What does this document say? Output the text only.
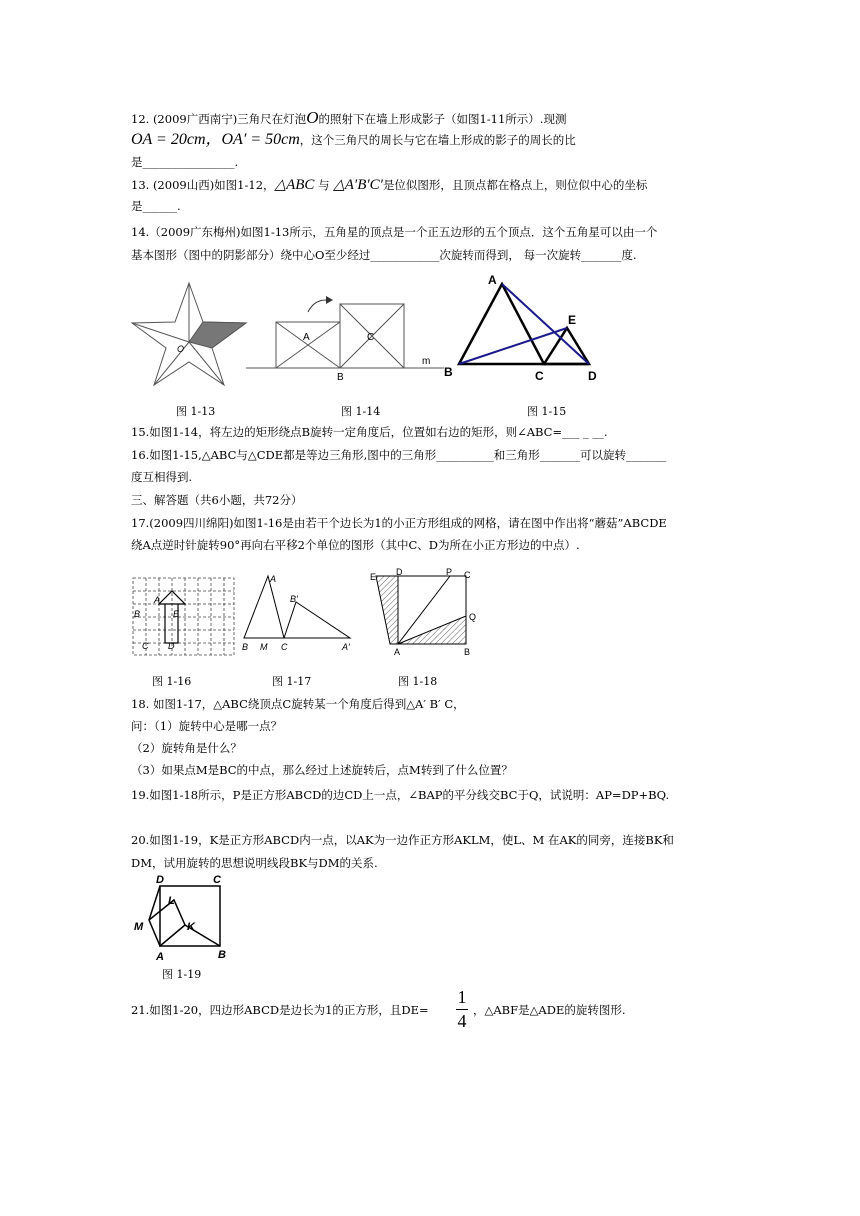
12. (2009广西南宁)三角尺在灯泡O的照射下在墙上形成影子（如图1-11所示）.现测
OA = 20cm，OA′ = 50cm，这个三角尺的周长与它在墙上形成的影子的周长的比
是________________.
13. (2009山西)如图1-12，△ABC 与 △A′B′C′是位似图形，且顶点都在格点上，则位似中心的坐标
是______.
14.（2009广东梅州)如图1-13所示，五角星的顶点是一个正五边形的五个顶点．这个五角星可以由一个
基本图形（图中的阴影部分）绕中心O至少经过____________次旋转而得到， 每一次旋转_______度.
O
A	C
B
m
A
B	C	D
E
图 1-13	图 1-14	图 1-15
15.如图1-14，将左边的矩形绕点B旋转一定角度后，位置如右边的矩形，则∠ABC=___ _ __.
16.如图1-15,△ABC与△CDE都是等边三角形,图中的三角形__________和三角形_______可以旋转_______
度互相得到.
三、解答题（共6小题，共72分）
17.(2009四川绵阳)如图1-16是由若干个边长为1的小正方形组成的网格，请在图中作出将“蘑菇”ABCDE
绕A点逆时针旋转90°再向右平移2个单位的图形（其中C、D为所在小正方形边的中点）.
A
B	E
C D
A
B′
B M C	A′
E D	P C
Q
A	B
图 1-16	图 1-17	图 1-18
18. 如图1-17，△ABC绕顶点C旋转某一个角度后得到△A′ B′ C，
问：（1）旋转中心是哪一点？
（2）旋转角是什么？
（3）如果点M是BC的中点，那么经过上述旋转后，点M转到了什么位置？
19.如图1-18所示，P是正方形ABCD的边CD上一点，∠BAP的平分线交BC于Q，试说明：AP=DP+BQ.
20.如图1-19，K是正方形ABCD内一点，以AK为一边作正方形AKLM，使L、M 在AK的同旁，连接BK和
DM，试用旋转的思想说明线段BK与DM的关系.
D	C
L
M	K
A	B
图 1-19
21.如图1-20，四边形ABCD是边长为1的正方形，且DE=
1
4
，△ABF是△ADE的旋转图形.
